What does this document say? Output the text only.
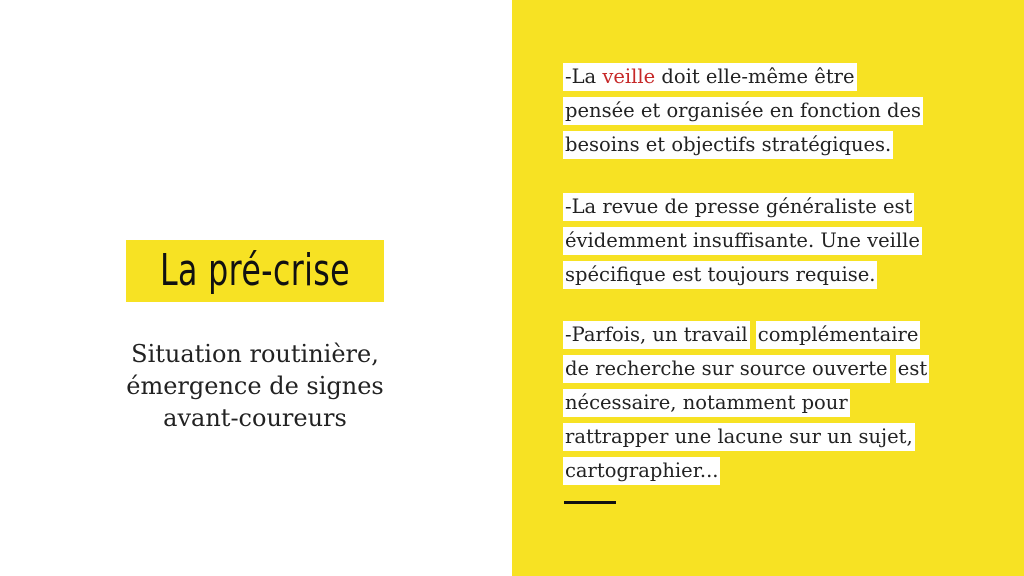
La pré-crise
Situation routinière,
émergence de signes
avant-coureurs

-La veille doit elle-même être
pensée et organisée en fonction des
besoins et objectifs stratégiques.

-La revue de presse généraliste est
évidemment insuffisante. Une veille
spécifique est toujours requise.

-Parfois, un travail complémentaire
de recherche sur source ouverte est
nécessaire, notamment pour
rattrapper une lacune sur un sujet,
cartographier...
